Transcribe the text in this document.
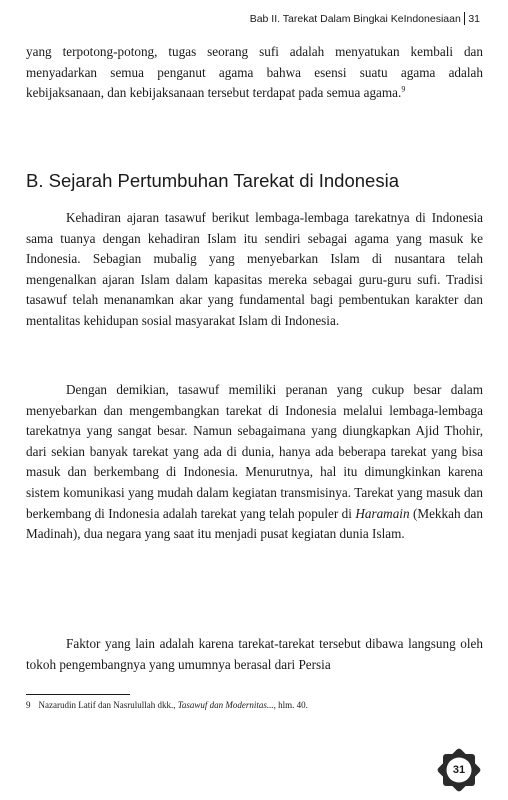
Bab II. Tarekat Dalam Bingkai KeIndonesiaan 31

yang terpotong-potong, tugas seorang sufi adalah menyatukan kembali dan menyadarkan semua penganut agama bahwa esensi suatu agama adalah kebijaksanaan, dan kebijaksanaan tersebut terdapat pada semua agama.$^9$

B. Sejarah Pertumbuhan Tarekat di Indonesia

Kehadiran ajaran tasawuf berikut lembaga-lembaga tarekatnya di Indonesia sama tuanya dengan kehadiran Islam itu sendiri sebagai agama yang masuk ke Indonesia. Sebagian mubalig yang menyebarkan Islam di nusantara telah mengenalkan ajaran Islam dalam kapasitas mereka sebagai guru-guru sufi. Tradisi tasawuf telah menanamkan akar yang fundamental bagi pembentukan karakter dan mentalitas kehidupan sosial masyarakat Islam di Indonesia.

Dengan demikian, tasawuf memiliki peranan yang cukup besar dalam menyebarkan dan mengembangkan tarekat di Indonesia melalui lembaga-lembaga tarekatnya yang sangat besar. Namun sebagaimana yang diungkapkan Ajid Thohir, dari sekian banyak tarekat yang ada di dunia, hanya ada beberapa tarekat yang bisa masuk dan berkembang di Indonesia. Menurutnya, hal itu dimungkinkan karena sistem komunikasi yang mudah dalam kegiatan transmisinya. Tarekat yang masuk dan berkembang di Indonesia adalah tarekat yang telah populer di Haramain (Mekkah dan Madinah), dua negara yang saat itu menjadi pusat kegiatan dunia Islam.

Faktor yang lain adalah karena tarekat-tarekat tersebut dibawa langsung oleh tokoh pengembangnya yang umumnya berasal dari Persia

9 Nazarudin Latif dan Nasrulullah dkk., Tasawuf dan Modernitas..., hlm. 40.
31
